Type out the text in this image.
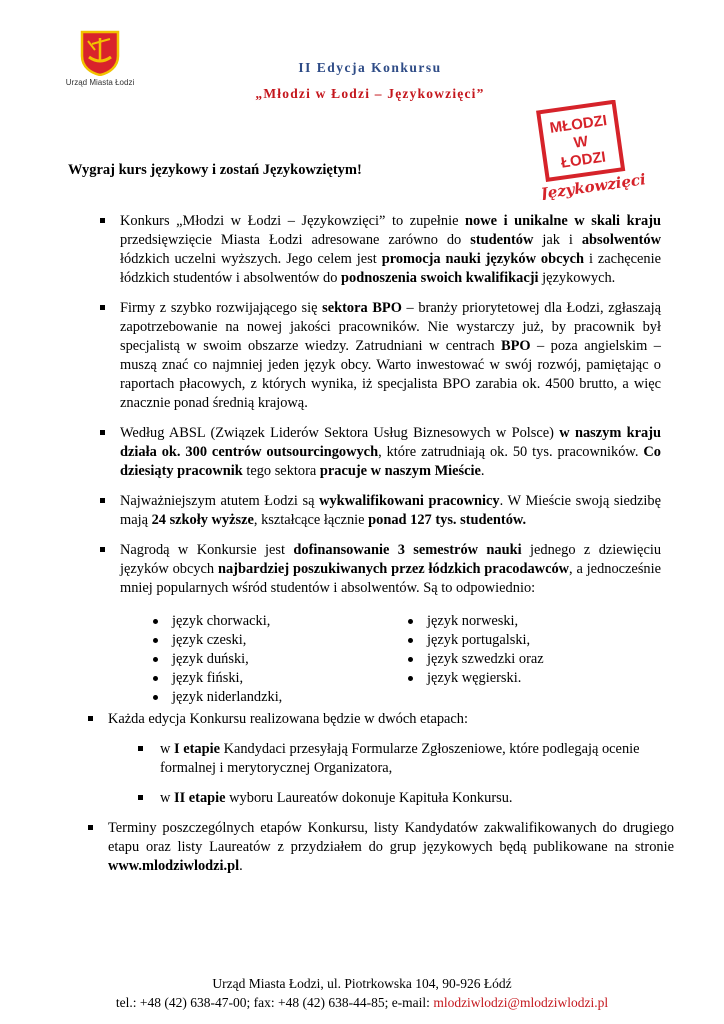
Urząd Miasta Łodzi
II Edycja Konkursu
„Młodzi w Łodzi – Językowzięci”
MŁODZI
W
ŁODZI
Językowzięci
Wygraj kurs językowy i zostań Językowziętym!
Konkurs „Młodzi w Łodzi – Językowzięci” to zupełnie nowe i unikalne w skali kraju przedsięwzięcie Miasta Łodzi adresowane zarówno do studentów jak i absolwentów łódzkich uczelni wyższych. Jego celem jest promocja nauki języków obcych i zachęcenie łódzkich studentów i absolwentów do podnoszenia swoich kwalifikacji językowych.
Firmy z szybko rozwijającego się sektora BPO – branży priorytetowej dla Łodzi, zgłaszają zapotrzebowanie na nowej jakości pracowników. Nie wystarczy już, by pracownik był specjalistą w swoim obszarze wiedzy. Zatrudniani w centrach BPO – poza angielskim – muszą znać co najmniej jeden język obcy. Warto inwestować w swój rozwój, pamiętając o raportach płacowych, z których wynika, iż specjalista BPO zarabia ok. 4500 brutto, a więc znacznie ponad średnią krajową.
Według ABSL (Związek Liderów Sektora Usług Biznesowych w Polsce) w naszym kraju działa ok. 300 centrów outsourcingowych, które zatrudniają ok. 50 tys. pracowników. Co dziesiąty pracownik tego sektora pracuje w naszym Mieście.
Najważniejszym atutem Łodzi są wykwalifikowani pracownicy. W Mieście swoją siedzibę mają 24 szkoły wyższe, kształcące łącznie ponad 127 tys. studentów.
Nagrodą w Konkursie jest dofinansowanie 3 semestrów nauki jednego z dziewięciu języków obcych najbardziej poszukiwanych przez łódzkich pracodawców, a jednocześnie mniej popularnych wśród studentów i absolwentów. Są to odpowiednio:
język chorwacki,
język czeski,
język duński,
język fiński,
język niderlandzki,
język norweski,
język portugalski,
język szwedzki oraz
język węgierski.
Każda edycja Konkursu realizowana będzie w dwóch etapach:
w I etapie Kandydaci przesyłają Formularze Zgłoszeniowe, które podlegają ocenie formalnej i merytorycznej Organizatora,
w II etapie wyboru Laureatów dokonuje Kapituła Konkursu.
Terminy poszczególnych etapów Konkursu, listy Kandydatów zakwalifikowanych do drugiego etapu oraz listy Laureatów z przydziałem do grup językowych będą publikowane na stronie www.mlodziwlodzi.pl.
Urząd Miasta Łodzi, ul. Piotrkowska 104, 90-926 Łódź
tel.: +48 (42) 638-47-00; fax: +48 (42) 638-44-85; e-mail: mlodziwlodzi@mlodziwlodzi.pl
